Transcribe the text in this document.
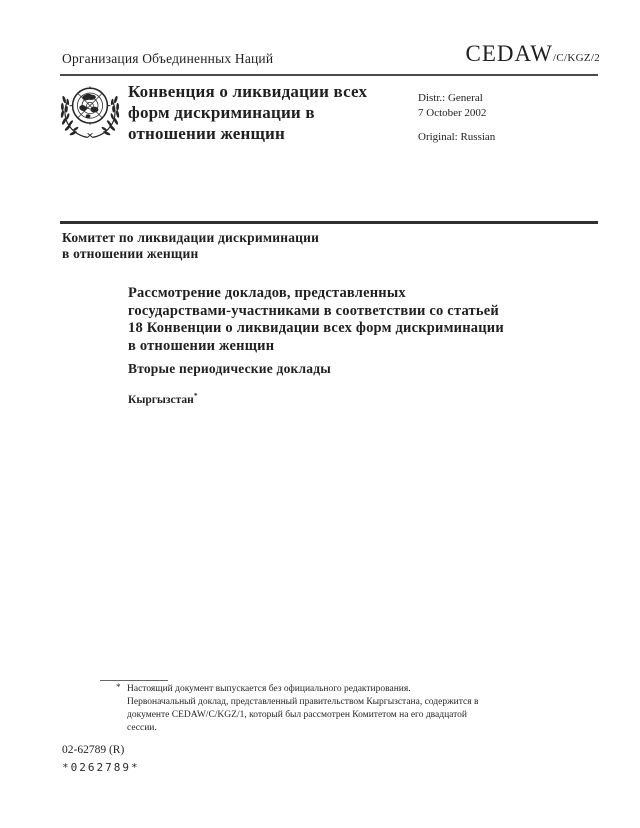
Организация Объединенных Наций	CEDAW /C/KGZ/2
Конвенция о ликвидации всех
форм дискриминации в
отношении женщин
Distr.: General
7 October 2002
Original: Russian
Комитет по ликвидации дискриминации
в отношении женщин
Рассмотрение докладов, представленных
государствами-участниками в соответствии со статьей
18 Конвенции о ликвидации всех форм дискриминации
в отношении женщин
Вторые периодические доклады
Кыргызстан*
* Настоящий документ выпускается без официального редактирования.
Первоначальный доклад, представленный правительством Кыргызстана, содержится в
документе CEDAW/C/KGZ/1, который был рассмотрен Комитетом на его двадцатой
сессии.
02-62789 (R)
*0262789*
